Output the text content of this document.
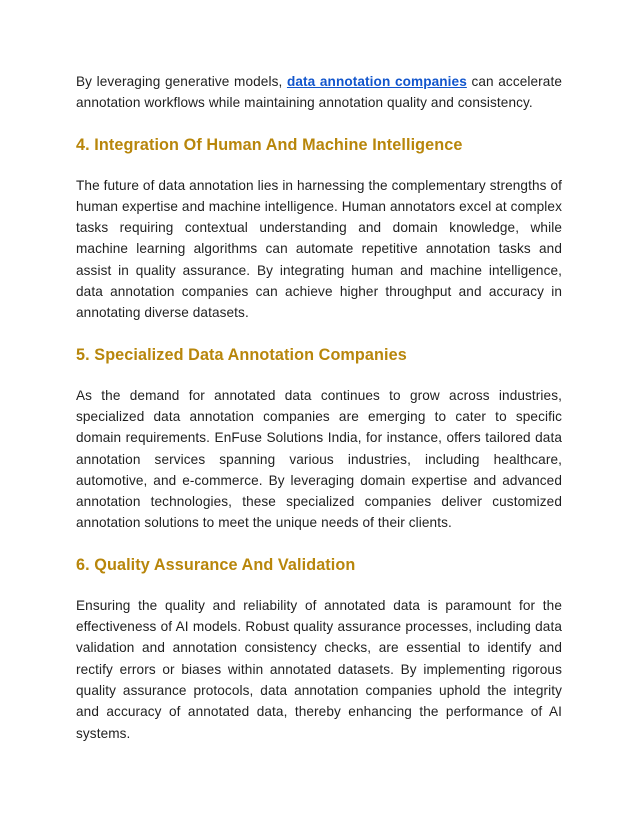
By leveraging generative models, data annotation companies can accelerate annotation workflows while maintaining annotation quality and consistency.

4. Integration Of Human And Machine Intelligence

The future of data annotation lies in harnessing the complementary strengths of human expertise and machine intelligence. Human annotators excel at complex tasks requiring contextual understanding and domain knowledge, while machine learning algorithms can automate repetitive annotation tasks and assist in quality assurance. By integrating human and machine intelligence, data annotation companies can achieve higher throughput and accuracy in annotating diverse datasets.

5. Specialized Data Annotation Companies

As the demand for annotated data continues to grow across industries, specialized data annotation companies are emerging to cater to specific domain requirements. EnFuse Solutions India, for instance, offers tailored data annotation services spanning various industries, including healthcare, automotive, and e-commerce. By leveraging domain expertise and advanced annotation technologies, these specialized companies deliver customized annotation solutions to meet the unique needs of their clients.

6. Quality Assurance And Validation

Ensuring the quality and reliability of annotated data is paramount for the effectiveness of AI models. Robust quality assurance processes, including data validation and annotation consistency checks, are essential to identify and rectify errors or biases within annotated datasets. By implementing rigorous quality assurance protocols, data annotation companies uphold the integrity and accuracy of annotated data, thereby enhancing the performance of AI systems.
